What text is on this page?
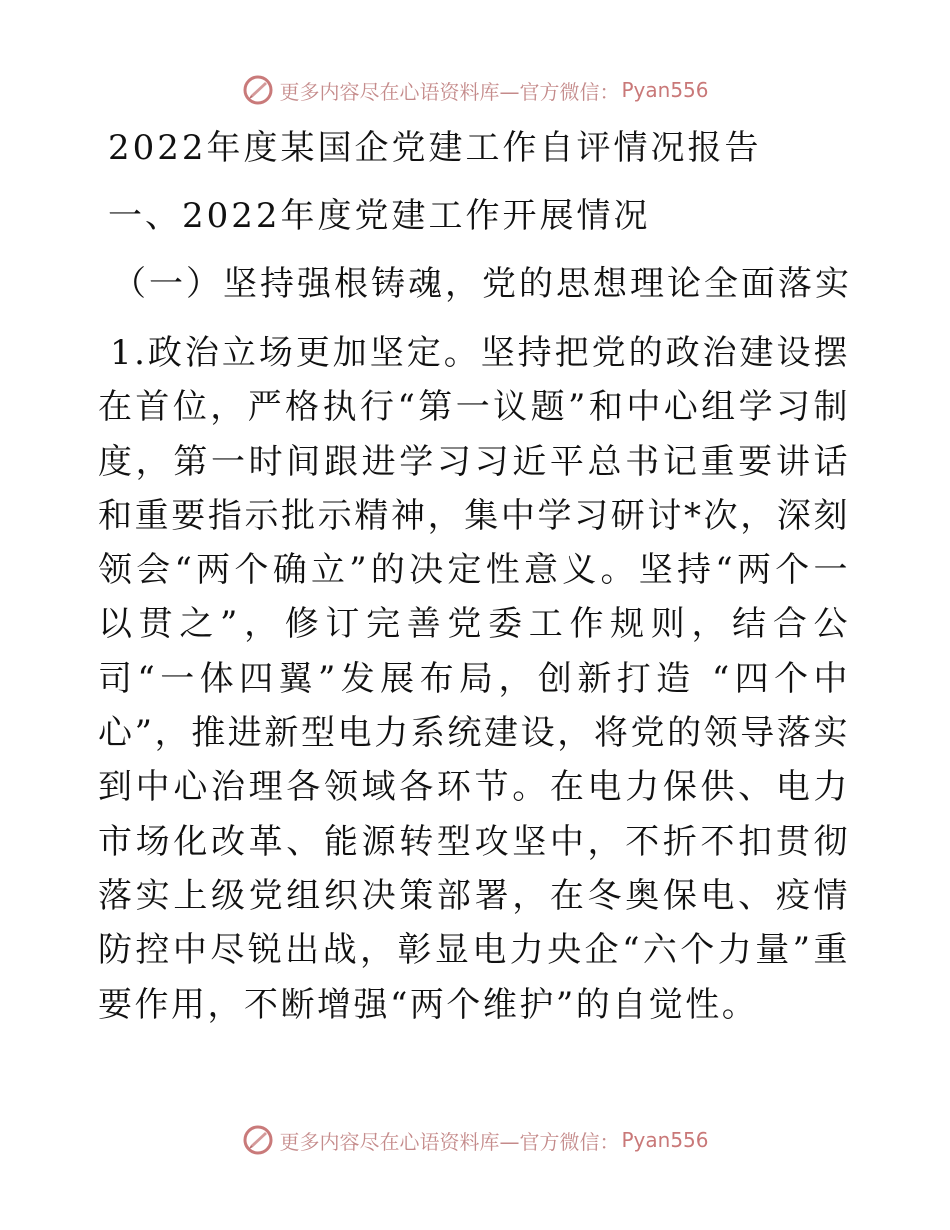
更多内容尽在心语资料库—官方微信： Pyan556
2022年度某国企党建工作自评情况报告
一、2022年度党建工作开展情况
（一）坚持强根铸魂，党的思想理论全面落实

1.政治立场更加坚定。坚持把党的政治建设摆在首位，严格执行“第一议题”和中心组学习制度，第一时间跟进学习习近平总书记重要讲话和重要指示批示精神，集中学习研讨*次，深刻领会“两个确立”的决定性意义。坚持“两个一以贯之”，修订完善党委工作规则，结合公司“一体四翼”发展布局，创新打造 “四个中心”，推进新型电力系统建设，将党的领导落实到中心治理各领域各环节。在电力保供、电力市场化改革、能源转型攻坚中，不折不扣贯彻落实上级党组织决策部署，在冬奥保电、疫情防控中尽锐出战，彰显电力央企“六个力量”重要作用，不断增强“两个维护”的自觉性。

更多内容尽在心语资料库—官方微信： Pyan556
